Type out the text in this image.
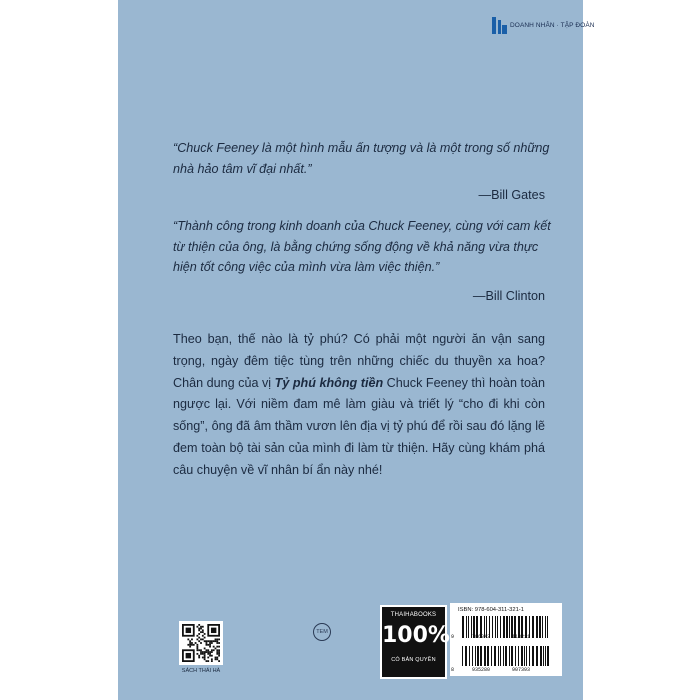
DOANH NHÂN · TẬP ĐOÀN
“Chuck Feeney là một hình mẫu ấn tượng và là một trong số những nhà hảo tâm vĩ đại nhất.”
—Bill Gates
“Thành công trong kinh doanh của Chuck Feeney, cùng với cam kết từ thiện của ông, là bằng chứng sống động về khả năng vừa thực hiện tốt công việc của mình vừa làm việc thiện.”
—Bill Clinton
Theo bạn, thế nào là tỷ phú? Có phải một người ăn vận sang trọng, ngày đêm tiệc tùng trên những chiếc du thuyền xa hoa? Chân dung của vị Tỷ phú không tiền Chuck Feeney thì hoàn toàn ngược lại. Với niềm đam mê làm giàu và triết lý “cho đi khi còn sống”, ông đã âm thầm vươn lên địa vị tỷ phú để rồi sau đó lặng lẽ đem toàn bộ tài sản của mình đi làm từ thiện. Hãy cùng khám phá câu chuyện về vĩ nhân bí ẩn này nhé!
SÁCH THÁI HÀ
TEM
THAIHABOOKS
100%
CÓ BẢN QUYỀN
ISBN: 978-604-311-321-1
9	786043	113211
8	935280	907393
